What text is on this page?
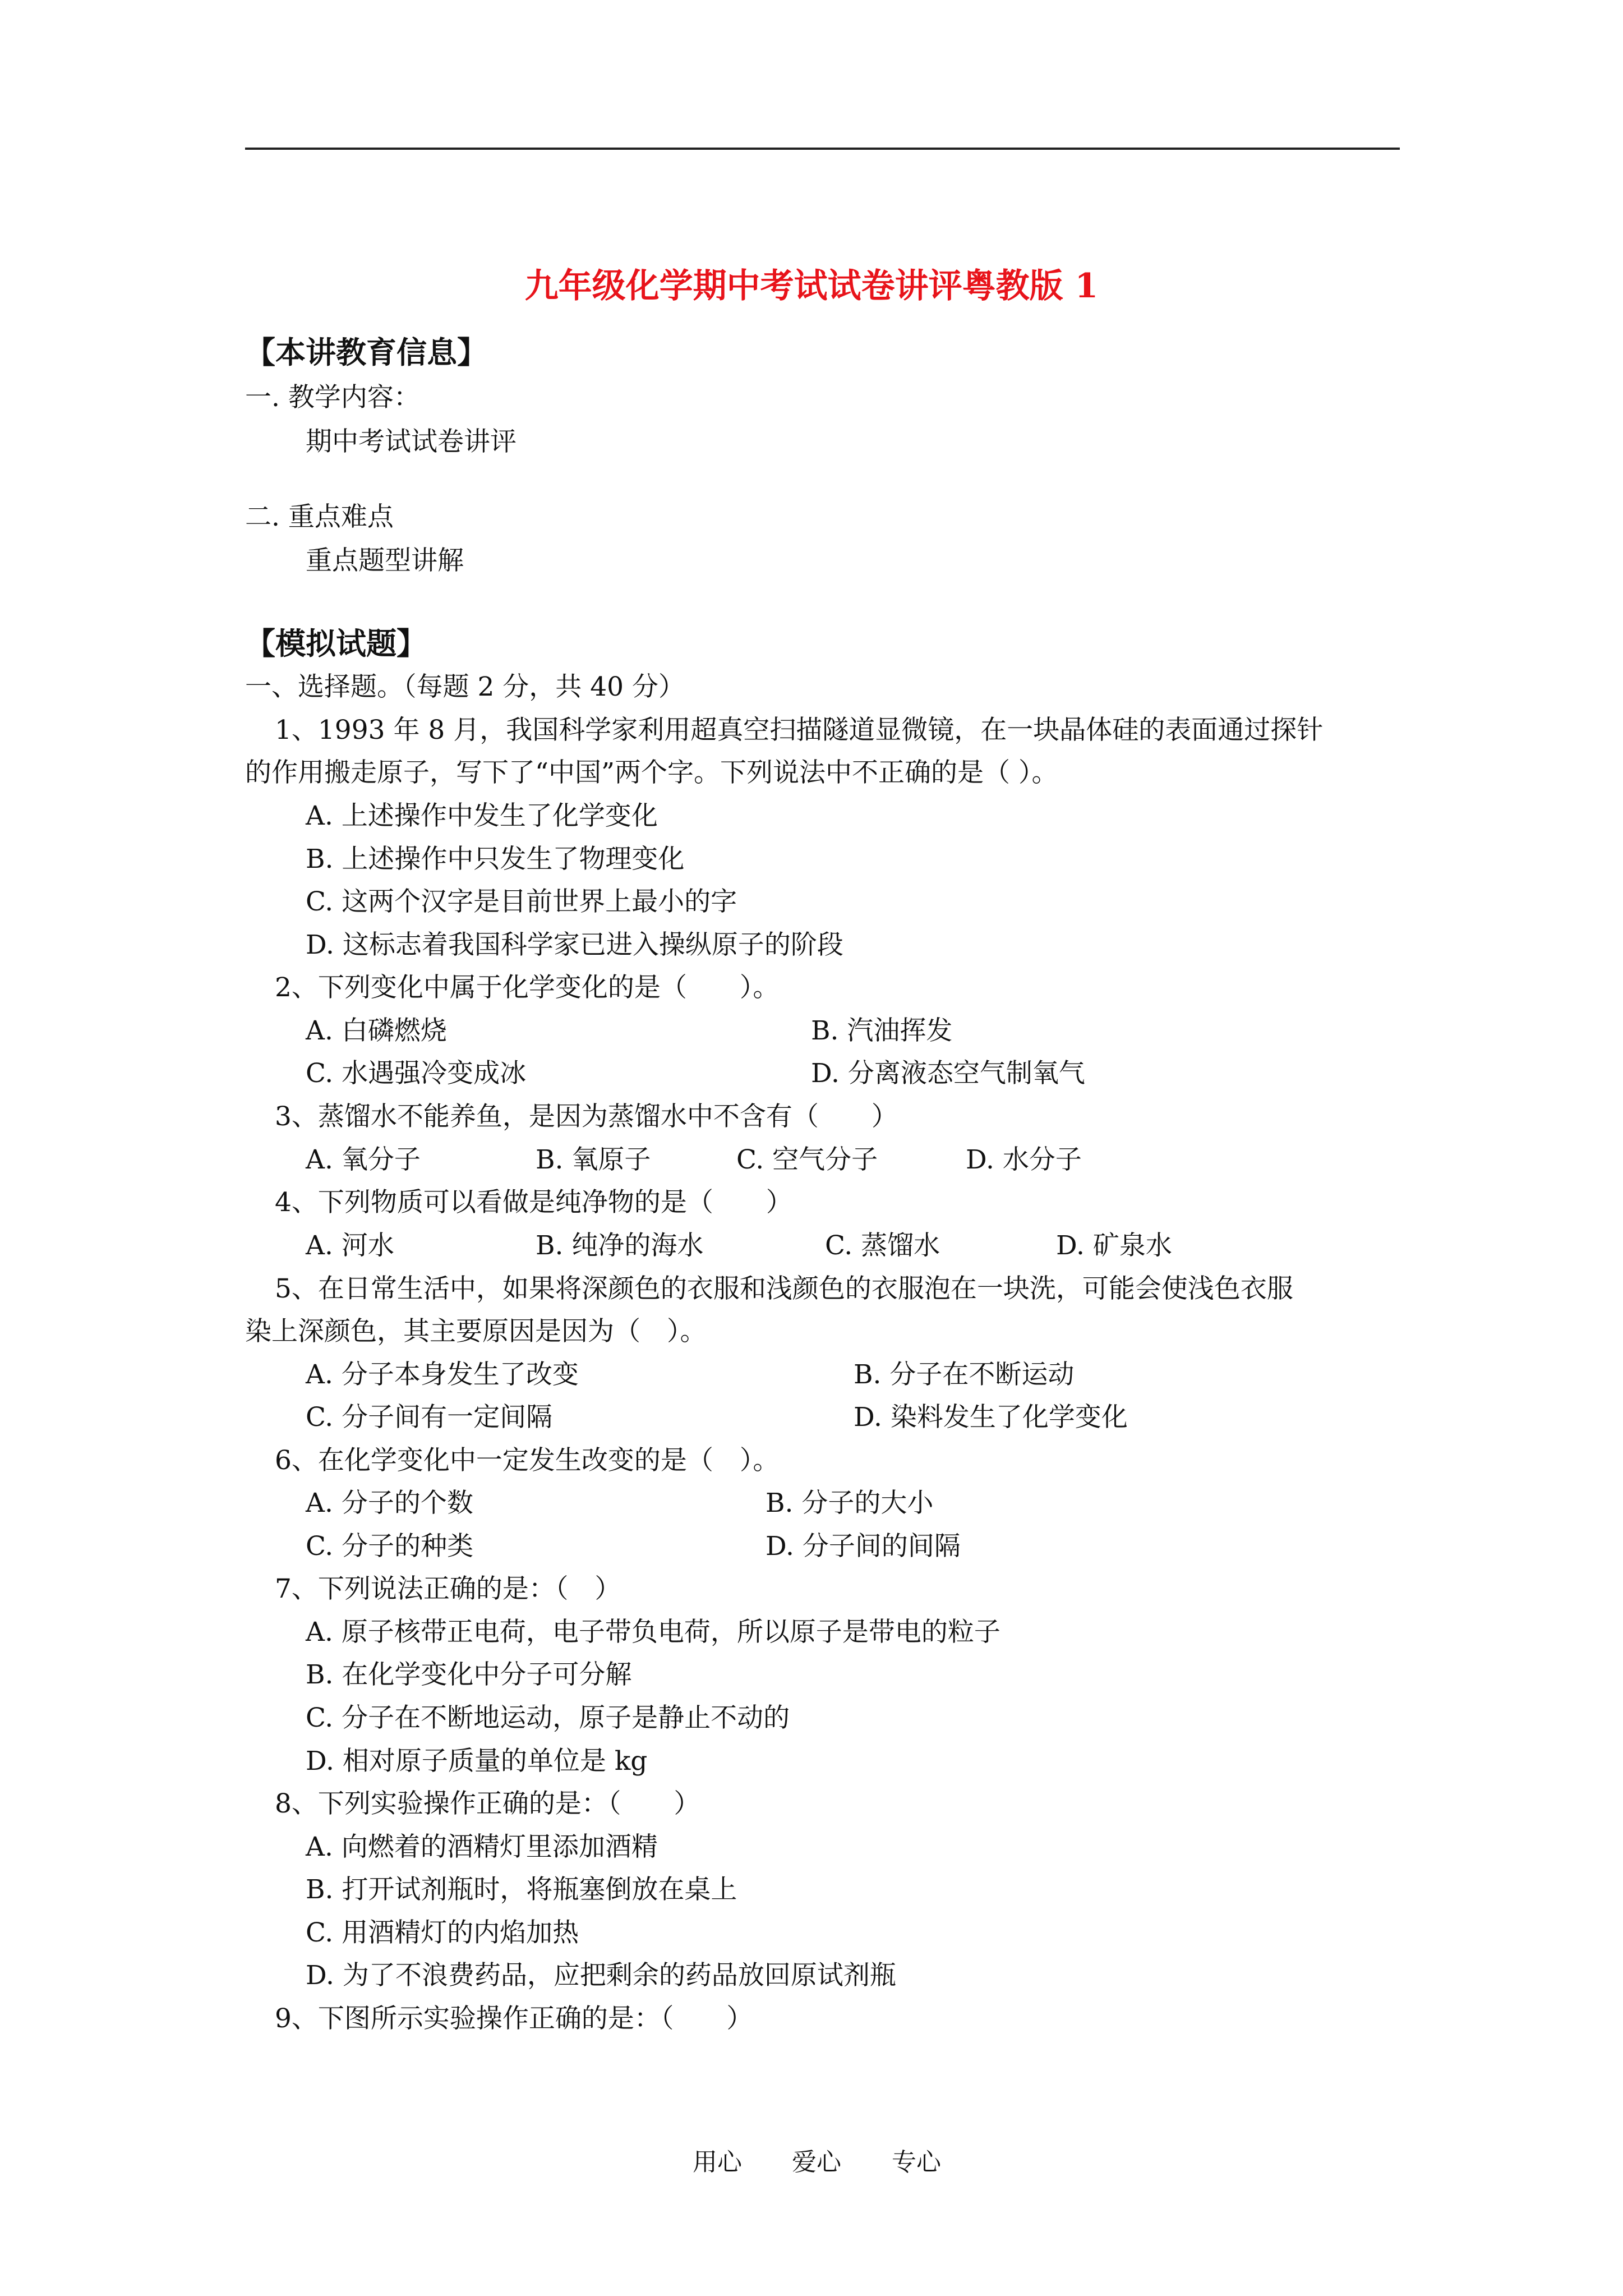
九年级化学期中考试试卷讲评粤教版 1
【本讲教育信息】
一. 教学内容：
期中考试试卷讲评
二. 重点难点
重点题型讲解
【模拟试题】
一、选择题。（每题 2 分，共 40 分）
1、1993 年 8 月，我国科学家利用超真空扫描隧道显微镜，在一块晶体硅的表面通过探针
的作用搬走原子，写下了“中国”两个字。下列说法中不正确的是（ ）。
A. 上述操作中发生了化学变化
B. 上述操作中只发生了物理变化
C. 这两个汉字是目前世界上最小的字
D. 这标志着我国科学家已进入操纵原子的阶段
2、下列变化中属于化学变化的是（　　）。
A. 白磷燃烧	B. 汽油挥发
C. 水遇强冷变成冰	D. 分离液态空气制氧气
3、蒸馏水不能养鱼，是因为蒸馏水中不含有（　　）
A. 氧分子	B. 氧原子	C. 空气分子	D. 水分子
4、下列物质可以看做是纯净物的是（　　）
A. 河水	B. 纯净的海水	C. 蒸馏水	D. 矿泉水
5、在日常生活中，如果将深颜色的衣服和浅颜色的衣服泡在一块洗，可能会使浅色衣服
染上深颜色，其主要原因是因为（　）。
A. 分子本身发生了改变	B. 分子在不断运动
C. 分子间有一定间隔	D. 染料发生了化学变化
6、在化学变化中一定发生改变的是（　）。
A. 分子的个数	B. 分子的大小
C. 分子的种类	D. 分子间的间隔
7、下列说法正确的是：（　）
A. 原子核带正电荷，电子带负电荷，所以原子是带电的粒子
B. 在化学变化中分子可分解
C. 分子在不断地运动，原子是静止不动的
D. 相对原子质量的单位是 kg
8、下列实验操作正确的是：（　　）
A. 向燃着的酒精灯里添加酒精
B. 打开试剂瓶时，将瓶塞倒放在桌上
C. 用酒精灯的内焰加热
D. 为了不浪费药品，应把剩余的药品放回原试剂瓶
9、下图所示实验操作正确的是：（　　）
用心 爱心 专心
